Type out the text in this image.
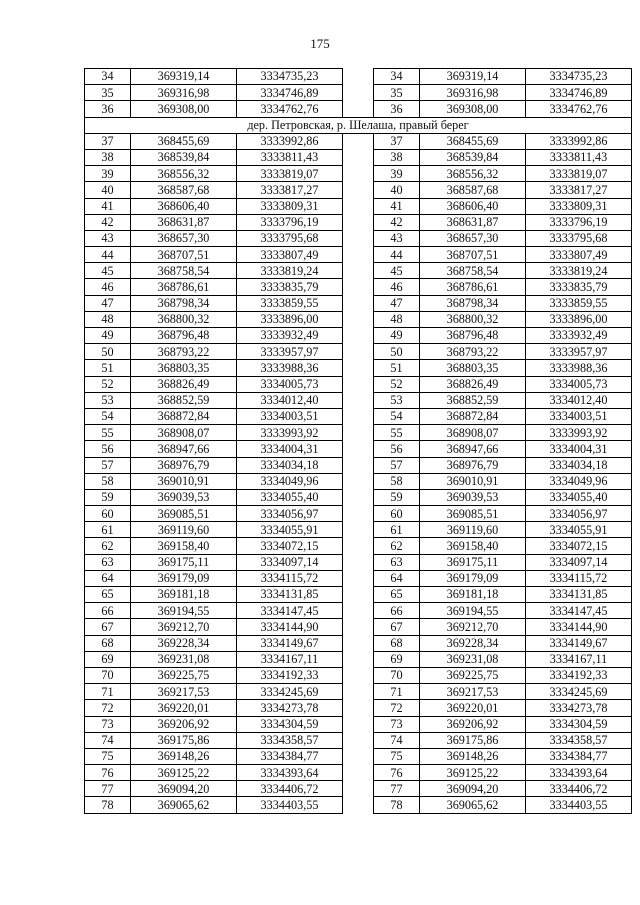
175
34	369319,14	3334735,23		34	369319,14	3334735,23
35	369316,98	3334746,89		35	369316,98	3334746,89
36	369308,00	3334762,76		36	369308,00	3334762,76
дер. Петровская, р. Шелаша, правый берег						
37	368455,69	3333992,86		37	368455,69	3333992,86
38	368539,84	3333811,43		38	368539,84	3333811,43
39	368556,32	3333819,07		39	368556,32	3333819,07
40	368587,68	3333817,27		40	368587,68	3333817,27
41	368606,40	3333809,31		41	368606,40	3333809,31
42	368631,87	3333796,19		42	368631,87	3333796,19
43	368657,30	3333795,68		43	368657,30	3333795,68
44	368707,51	3333807,49		44	368707,51	3333807,49
45	368758,54	3333819,24		45	368758,54	3333819,24
46	368786,61	3333835,79		46	368786,61	3333835,79
47	368798,34	3333859,55		47	368798,34	3333859,55
48	368800,32	3333896,00		48	368800,32	3333896,00
49	368796,48	3333932,49		49	368796,48	3333932,49
50	368793,22	3333957,97		50	368793,22	3333957,97
51	368803,35	3333988,36		51	368803,35	3333988,36
52	368826,49	3334005,73		52	368826,49	3334005,73
53	368852,59	3334012,40		53	368852,59	3334012,40
54	368872,84	3334003,51		54	368872,84	3334003,51
55	368908,07	3333993,92		55	368908,07	3333993,92
56	368947,66	3334004,31		56	368947,66	3334004,31
57	368976,79	3334034,18		57	368976,79	3334034,18
58	369010,91	3334049,96		58	369010,91	3334049,96
59	369039,53	3334055,40		59	369039,53	3334055,40
60	369085,51	3334056,97		60	369085,51	3334056,97
61	369119,60	3334055,91		61	369119,60	3334055,91
62	369158,40	3334072,15		62	369158,40	3334072,15
63	369175,11	3334097,14		63	369175,11	3334097,14
64	369179,09	3334115,72		64	369179,09	3334115,72
65	369181,18	3334131,85		65	369181,18	3334131,85
66	369194,55	3334147,45		66	369194,55	3334147,45
67	369212,70	3334144,90		67	369212,70	3334144,90
68	369228,34	3334149,67		68	369228,34	3334149,67
69	369231,08	3334167,11		69	369231,08	3334167,11
70	369225,75	3334192,33		70	369225,75	3334192,33
71	369217,53	3334245,69		71	369217,53	3334245,69
72	369220,01	3334273,78		72	369220,01	3334273,78
73	369206,92	3334304,59		73	369206,92	3334304,59
74	369175,86	3334358,57		74	369175,86	3334358,57
75	369148,26	3334384,77		75	369148,26	3334384,77
76	369125,22	3334393,64		76	369125,22	3334393,64
77	369094,20	3334406,72		77	369094,20	3334406,72
78	369065,62	3334403,55		78	369065,62	3334403,55
